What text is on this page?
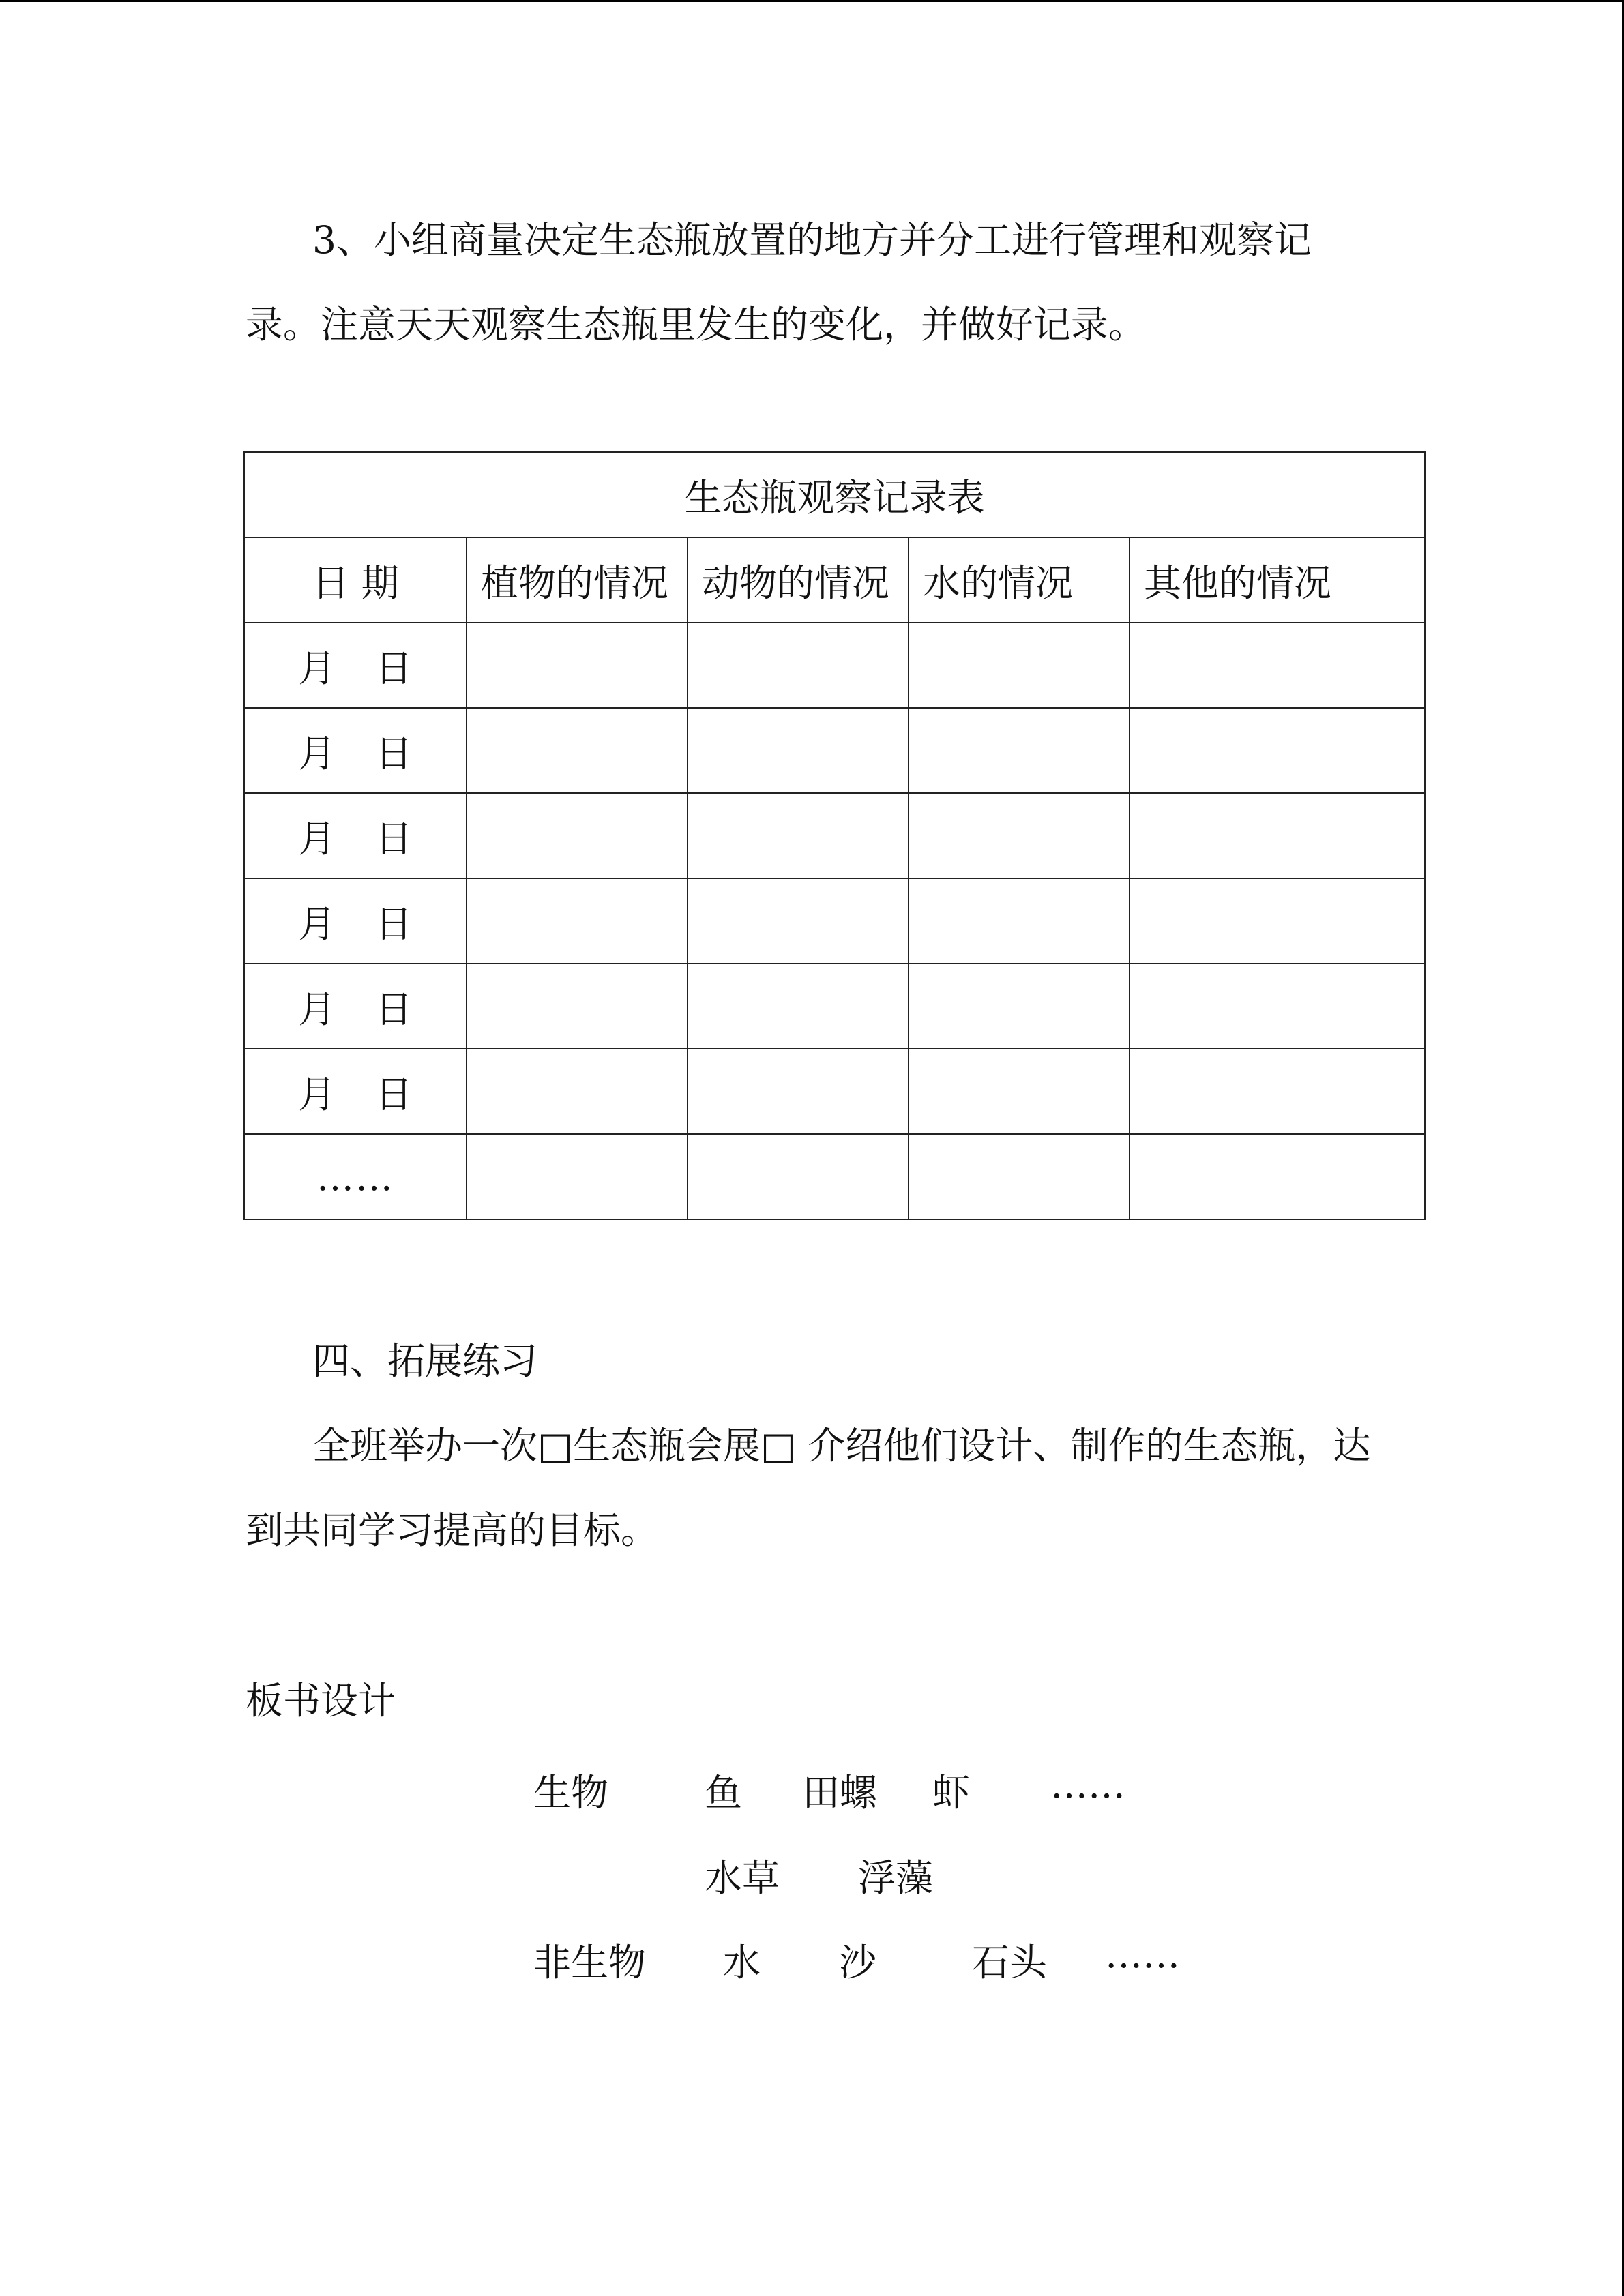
3、小组商量决定生态瓶放置的地方并分工进行管理和观察记
录。注意天天观察生态瓶里发生的变化，并做好记录。
生态瓶观察记录表				
日 期	植物的情况	动物的情况	水的情况	其他的情况
月 日				
月 日				
月 日				
月 日				
月 日				
月 日				
……				
四、拓展练习
全班举办一次□生态瓶会展□ 介绍他们设计、制作的生态瓶，达
到共同学习提高的目标。
板书设计
生物	鱼 田螺 虾 ……
水草 浮藻
非生物 水 沙	石头 ……
